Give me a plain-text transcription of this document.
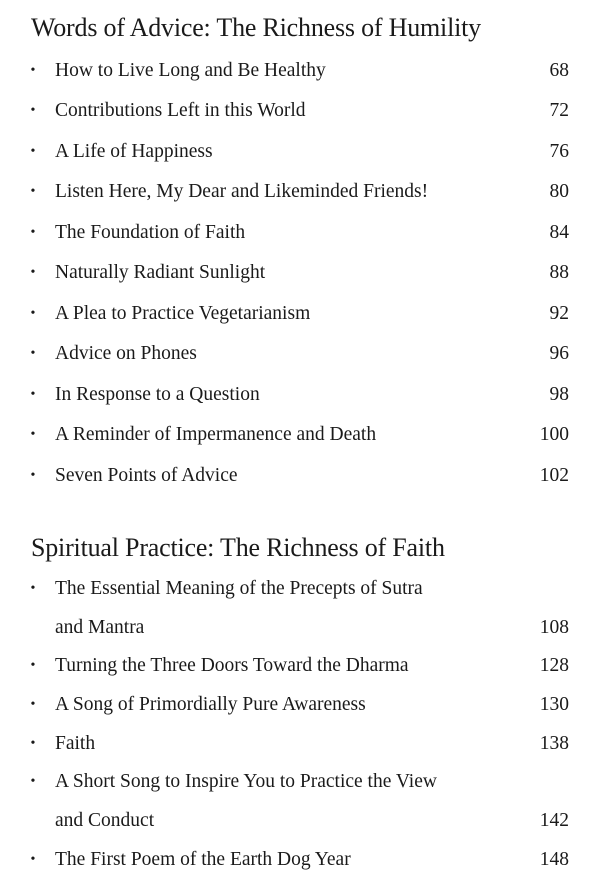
Words of Advice: The Richness of Humility
• How to Live Long and Be Healthy	68
• Contributions Left in this World	72
• A Life of Happiness	76
• Listen Here, My Dear and Likeminded Friends!	80
• The Foundation of Faith	84
• Naturally Radiant Sunlight	88
• A Plea to Practice Vegetarianism	92
• Advice on Phones	96
• In Response to a Question	98
• A Reminder of Impermanence and Death	100
• Seven Points of Advice	102
Spiritual Practice: The Richness of Faith
• The Essential Meaning of the Precepts of Sutra
and Mantra	108
• Turning the Three Doors Toward the Dharma	128
• A Song of Primordially Pure Awareness	130
• Faith	138
• A Short Song to Inspire You to Practice the View
and Conduct	142
• The First Poem of the Earth Dog Year	148
